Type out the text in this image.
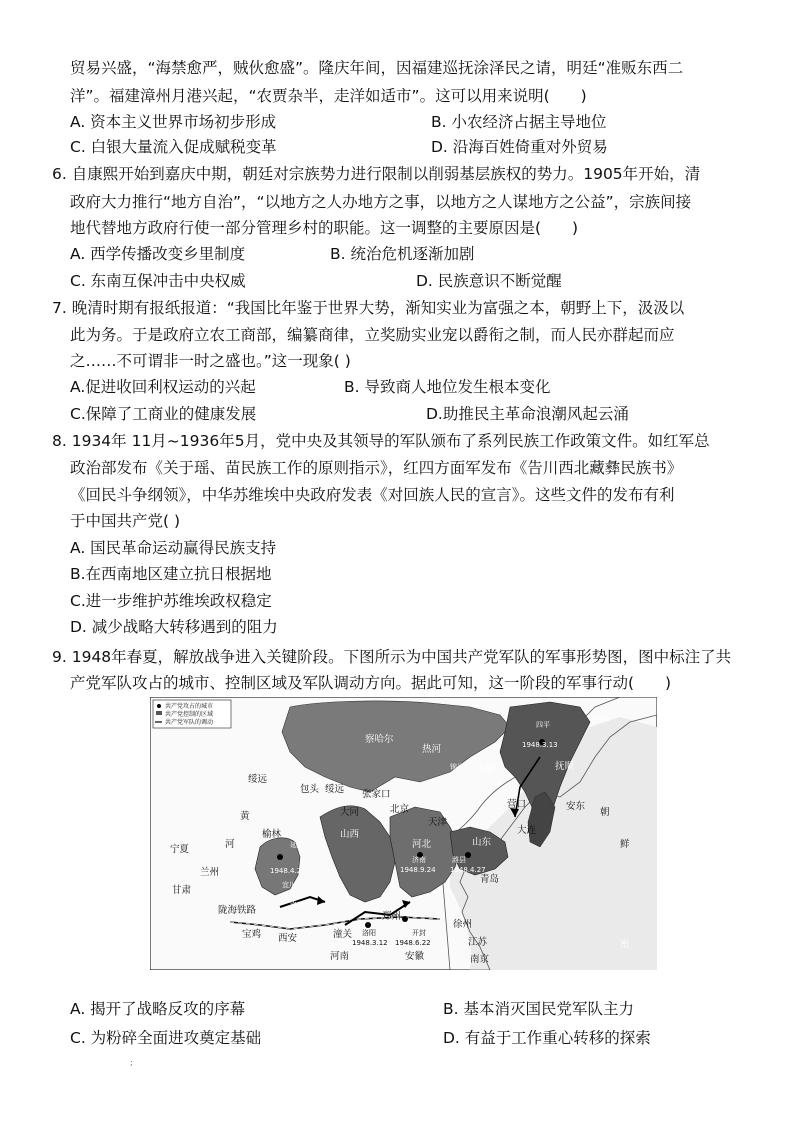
贸易兴盛，“海禁愈严，贼伙愈盛”。隆庆年间，因福建巡抚涂泽民之请，明廷“准贩东西二
洋”。福建漳州月港兴起，“农贾杂半，走洋如适市”。这可以用来说明(　　)
A. 资本主义世界市场初步形成	B. 小农经济占据主导地位
C. 白银大量流入促成赋税变革	D. 沿海百姓倚重对外贸易
6. 自康熙开始到嘉庆中期，朝廷对宗族势力进行限制以削弱基层族权的势力。1905年开始，清
政府大力推行“地方自治”，“以地方之人办地方之事，以地方之人谋地方之公益”，宗族间接
地代替地方政府行使一部分管理乡村的职能。这一调整的主要原因是(　　)
A. 西学传播改变乡里制度	B. 统治危机逐渐加剧
C. 东南互保冲击中央权威	D. 民族意识不断觉醒
7. 晚清时期有报纸报道：“我国比年鉴于世界大势，渐知实业为富强之本，朝野上下，汲汲以
此为务。于是政府立农工商部，编纂商律，立奖励实业宠以爵衔之制，而人民亦群起而应
之……不可谓非一时之盛也。”这一现象( )
A.促进收回利权运动的兴起	B. 导致商人地位发生根本变化
C.保障了工商业的健康发展	D.助推民主革命浪潮风起云涌
8. 1934年 11月~1936年5月，党中央及其领导的军队颁布了系列民族工作政策文件。如红军总
政治部发布《关于瑶、苗民族工作的原则指示》，红四方面军发布《告川西北藏彝民族书》
《回民斗争纲领》，中华苏维埃中央政府发表《对回族人民的宣言》。这些文件的发布有利
于中国共产党( )
A. 国民革命运动赢得民族支持
B.在西南地区建立抗日根据地
C.进一步维护苏维埃政权稳定
D. 减少战略大转移遇到的阻力
9. 1948年春夏，解放战争进入关键阶段。下图所示为中国共产党军队的军事形势图，图中标注了共
产党军队攻占的城市、控制区域及军队调动方向。据此可知，这一阶段的军事行动(　　)
共产党攻占的城市
共产党控制的区域
共产党军队的调动
绥远
包头 绥远 张家口
察哈尔
热河
锦州 沈阳
四平
1948.3.13
吉林
抚顺
安东
营口
大连
朝
鲜
大同	北京
天津
黄
河
宁夏
榆林
延安
1948.4.24
宜川
洛川
山西
河北
济南
1948.9.24
山东
潍县
1948.4.27
青岛
兰州
甘肃
陇海铁路
宝鸡 西安	潼关 洛阳
1948.3.12
郑州
开封
1948.6.22
徐州
河南	安徽
江苏
南京
密
A. 揭开了战略反攻的序幕	B. 基本消灭国民党军队主力
C. 为粉碎全面进攻奠定基础	D. 有益于工作重心转移的探索
;
